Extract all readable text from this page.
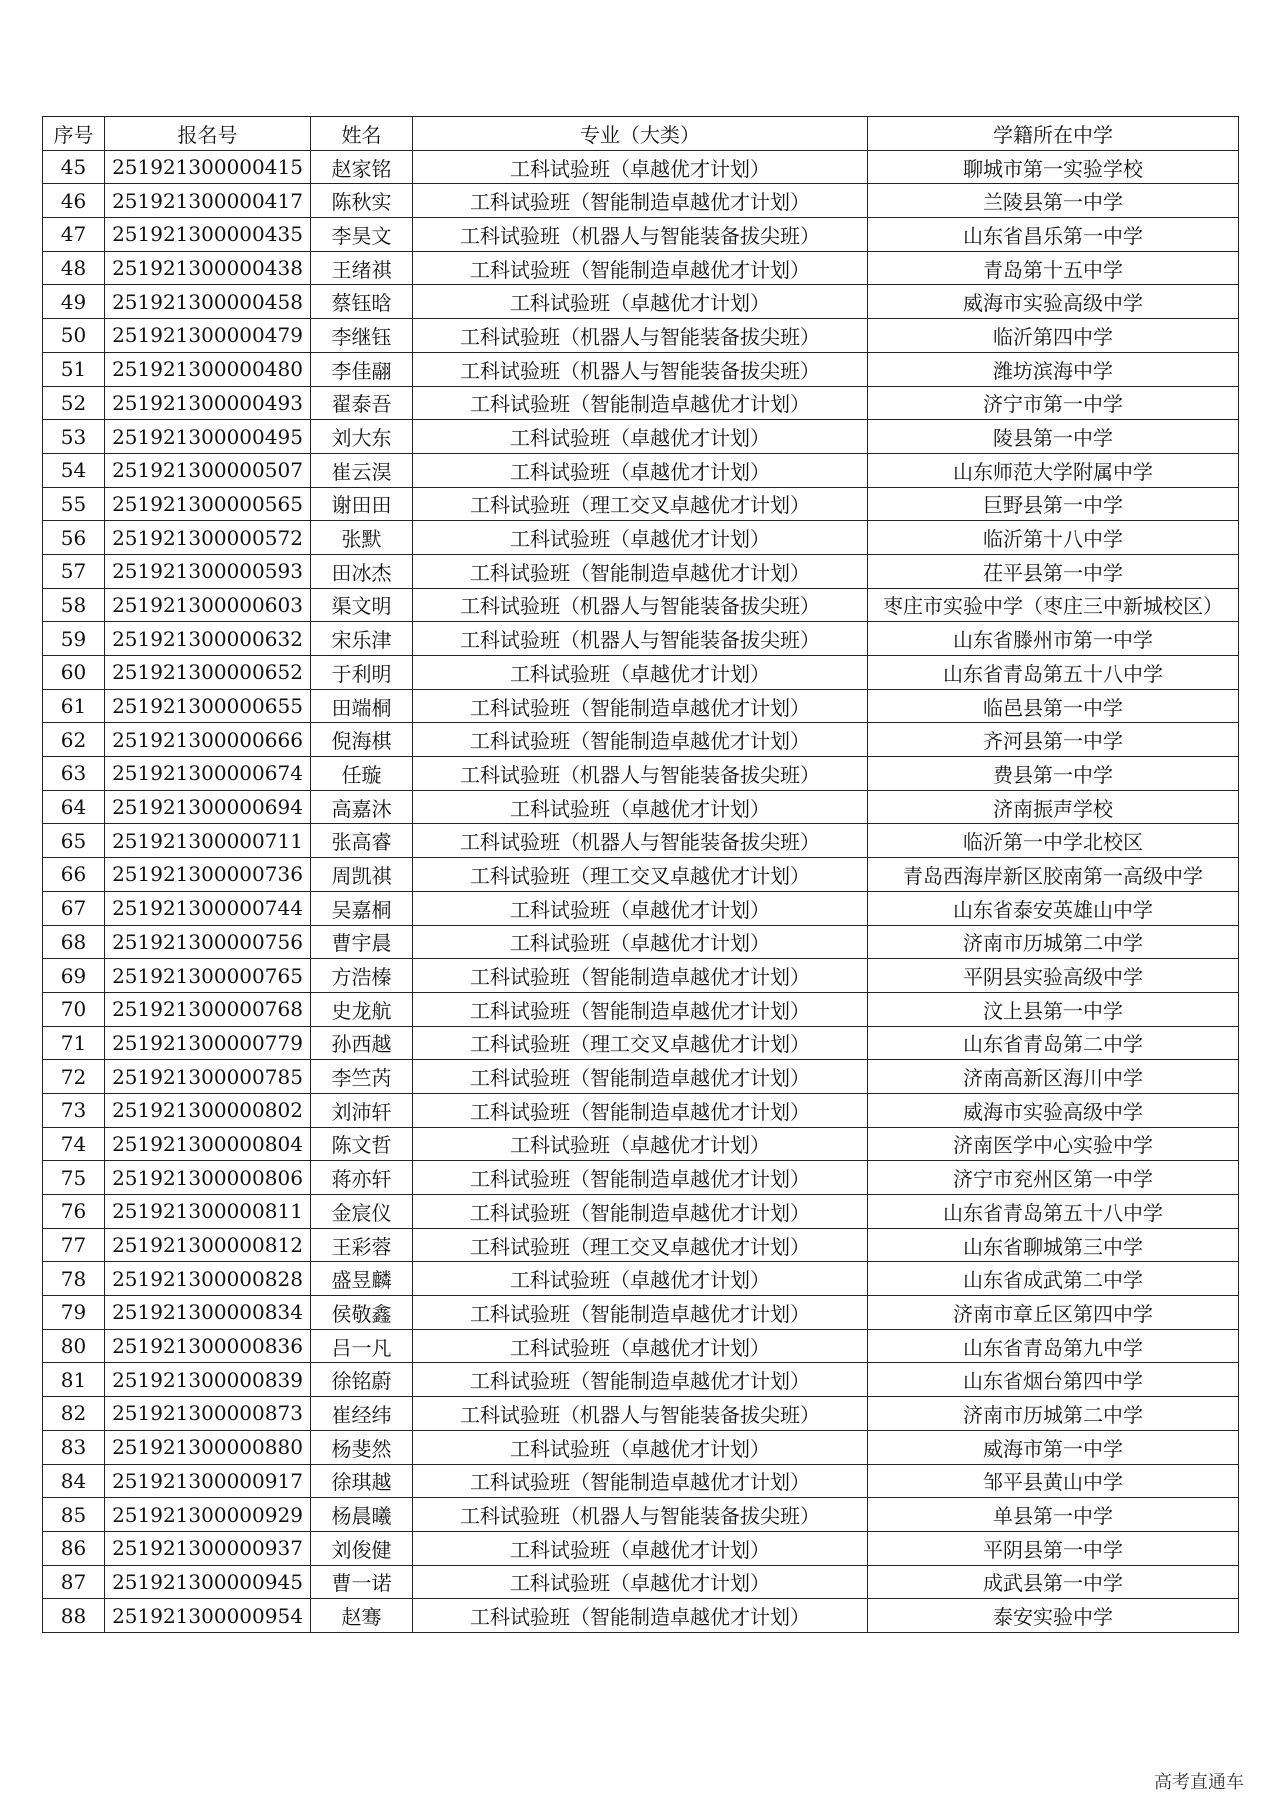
序号	报名号	姓名	专业（大类）	学籍所在中学
45	251921300000415	赵家铭	工科试验班（卓越优才计划）	聊城市第一实验学校
46	251921300000417	陈秋实	工科试验班（智能制造卓越优才计划）	兰陵县第一中学
47	251921300000435	李昊文	工科试验班（机器人与智能装备拔尖班）	山东省昌乐第一中学
48	251921300000438	王绪祺	工科试验班（智能制造卓越优才计划）	青岛第十五中学
49	251921300000458	蔡钰晗	工科试验班（卓越优才计划）	威海市实验高级中学
50	251921300000479	李继钰	工科试验班（机器人与智能装备拔尖班）	临沂第四中学
51	251921300000480	李佳翮	工科试验班（机器人与智能装备拔尖班）	潍坊滨海中学
52	251921300000493	翟泰吾	工科试验班（智能制造卓越优才计划）	济宁市第一中学
53	251921300000495	刘大东	工科试验班（卓越优才计划）	陵县第一中学
54	251921300000507	崔云淏	工科试验班（卓越优才计划）	山东师范大学附属中学
55	251921300000565	谢田田	工科试验班（理工交叉卓越优才计划）	巨野县第一中学
56	251921300000572	张默	工科试验班（卓越优才计划）	临沂第十八中学
57	251921300000593	田冰杰	工科试验班（智能制造卓越优才计划）	茌平县第一中学
58	251921300000603	渠文明	工科试验班（机器人与智能装备拔尖班）	枣庄市实验中学（枣庄三中新城校区）
59	251921300000632	宋乐津	工科试验班（机器人与智能装备拔尖班）	山东省滕州市第一中学
60	251921300000652	于利明	工科试验班（卓越优才计划）	山东省青岛第五十八中学
61	251921300000655	田端桐	工科试验班（智能制造卓越优才计划）	临邑县第一中学
62	251921300000666	倪海棋	工科试验班（智能制造卓越优才计划）	齐河县第一中学
63	251921300000674	任璇	工科试验班（机器人与智能装备拔尖班）	费县第一中学
64	251921300000694	高嘉沐	工科试验班（卓越优才计划）	济南振声学校
65	251921300000711	张高睿	工科试验班（机器人与智能装备拔尖班）	临沂第一中学北校区
66	251921300000736	周凯祺	工科试验班（理工交叉卓越优才计划）	青岛西海岸新区胶南第一高级中学
67	251921300000744	吴嘉桐	工科试验班（卓越优才计划）	山东省泰安英雄山中学
68	251921300000756	曹宇晨	工科试验班（卓越优才计划）	济南市历城第二中学
69	251921300000765	方浩榛	工科试验班（智能制造卓越优才计划）	平阴县实验高级中学
70	251921300000768	史龙航	工科试验班（智能制造卓越优才计划）	汶上县第一中学
71	251921300000779	孙西越	工科试验班（理工交叉卓越优才计划）	山东省青岛第二中学
72	251921300000785	李竺芮	工科试验班（智能制造卓越优才计划）	济南高新区海川中学
73	251921300000802	刘沛轩	工科试验班（智能制造卓越优才计划）	威海市实验高级中学
74	251921300000804	陈文哲	工科试验班（卓越优才计划）	济南医学中心实验中学
75	251921300000806	蒋亦轩	工科试验班（智能制造卓越优才计划）	济宁市兖州区第一中学
76	251921300000811	金宸仪	工科试验班（智能制造卓越优才计划）	山东省青岛第五十八中学
77	251921300000812	王彩蓉	工科试验班（理工交叉卓越优才计划）	山东省聊城第三中学
78	251921300000828	盛昱麟	工科试验班（卓越优才计划）	山东省成武第二中学
79	251921300000834	侯敬鑫	工科试验班（智能制造卓越优才计划）	济南市章丘区第四中学
80	251921300000836	吕一凡	工科试验班（卓越优才计划）	山东省青岛第九中学
81	251921300000839	徐铭蔚	工科试验班（智能制造卓越优才计划）	山东省烟台第四中学
82	251921300000873	崔经纬	工科试验班（机器人与智能装备拔尖班）	济南市历城第二中学
83	251921300000880	杨斐然	工科试验班（卓越优才计划）	威海市第一中学
84	251921300000917	徐琪越	工科试验班（智能制造卓越优才计划）	邹平县黄山中学
85	251921300000929	杨晨曦	工科试验班（机器人与智能装备拔尖班）	单县第一中学
86	251921300000937	刘俊健	工科试验班（卓越优才计划）	平阴县第一中学
87	251921300000945	曹一诺	工科试验班（卓越优才计划）	成武县第一中学
88	251921300000954	赵骞	工科试验班（智能制造卓越优才计划）	泰安实验中学
高考直通车
